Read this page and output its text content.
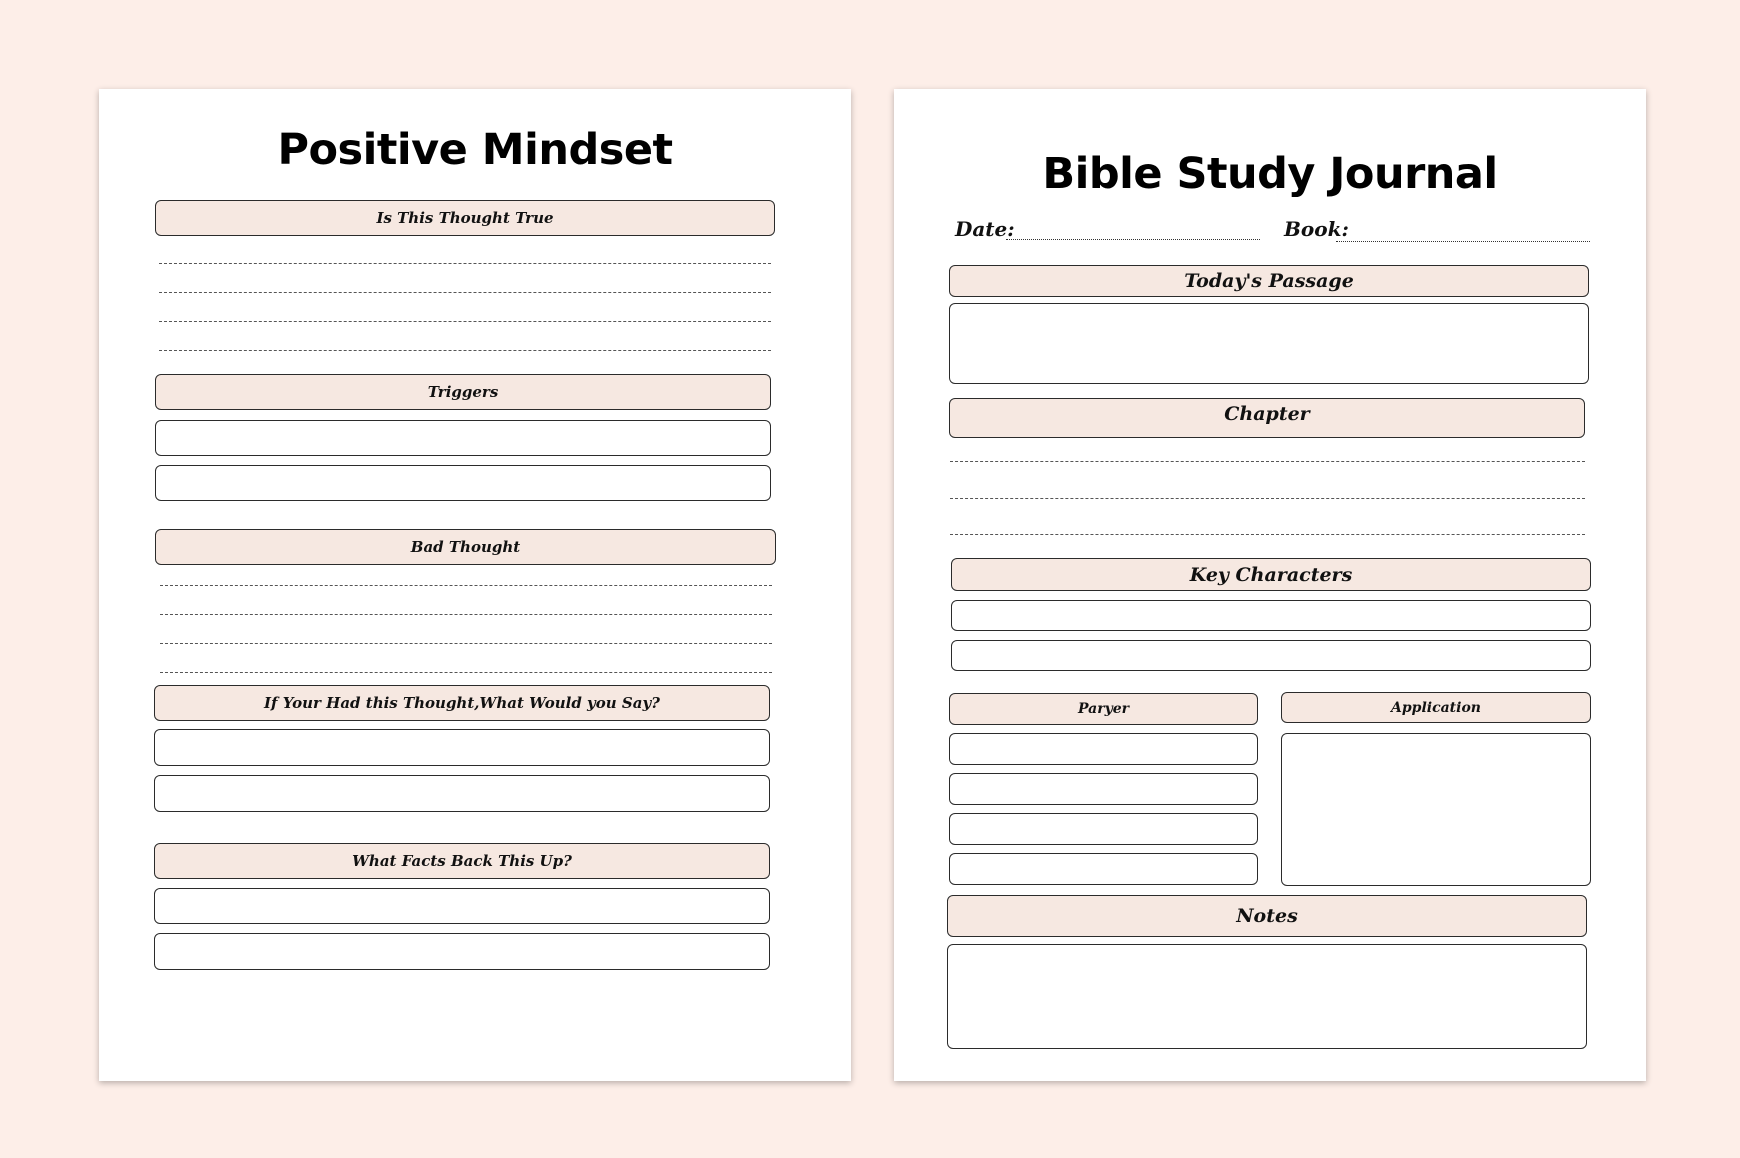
Positive Mindset
Is This Thought True
Triggers
Bad Thought
If Your Had this Thought,What Would you Say?
What Facts Back This Up?
Bible Study Journal
Date:	Book:
Today's Passage
Chapter
Key Characters
Paryer	Application
Notes
